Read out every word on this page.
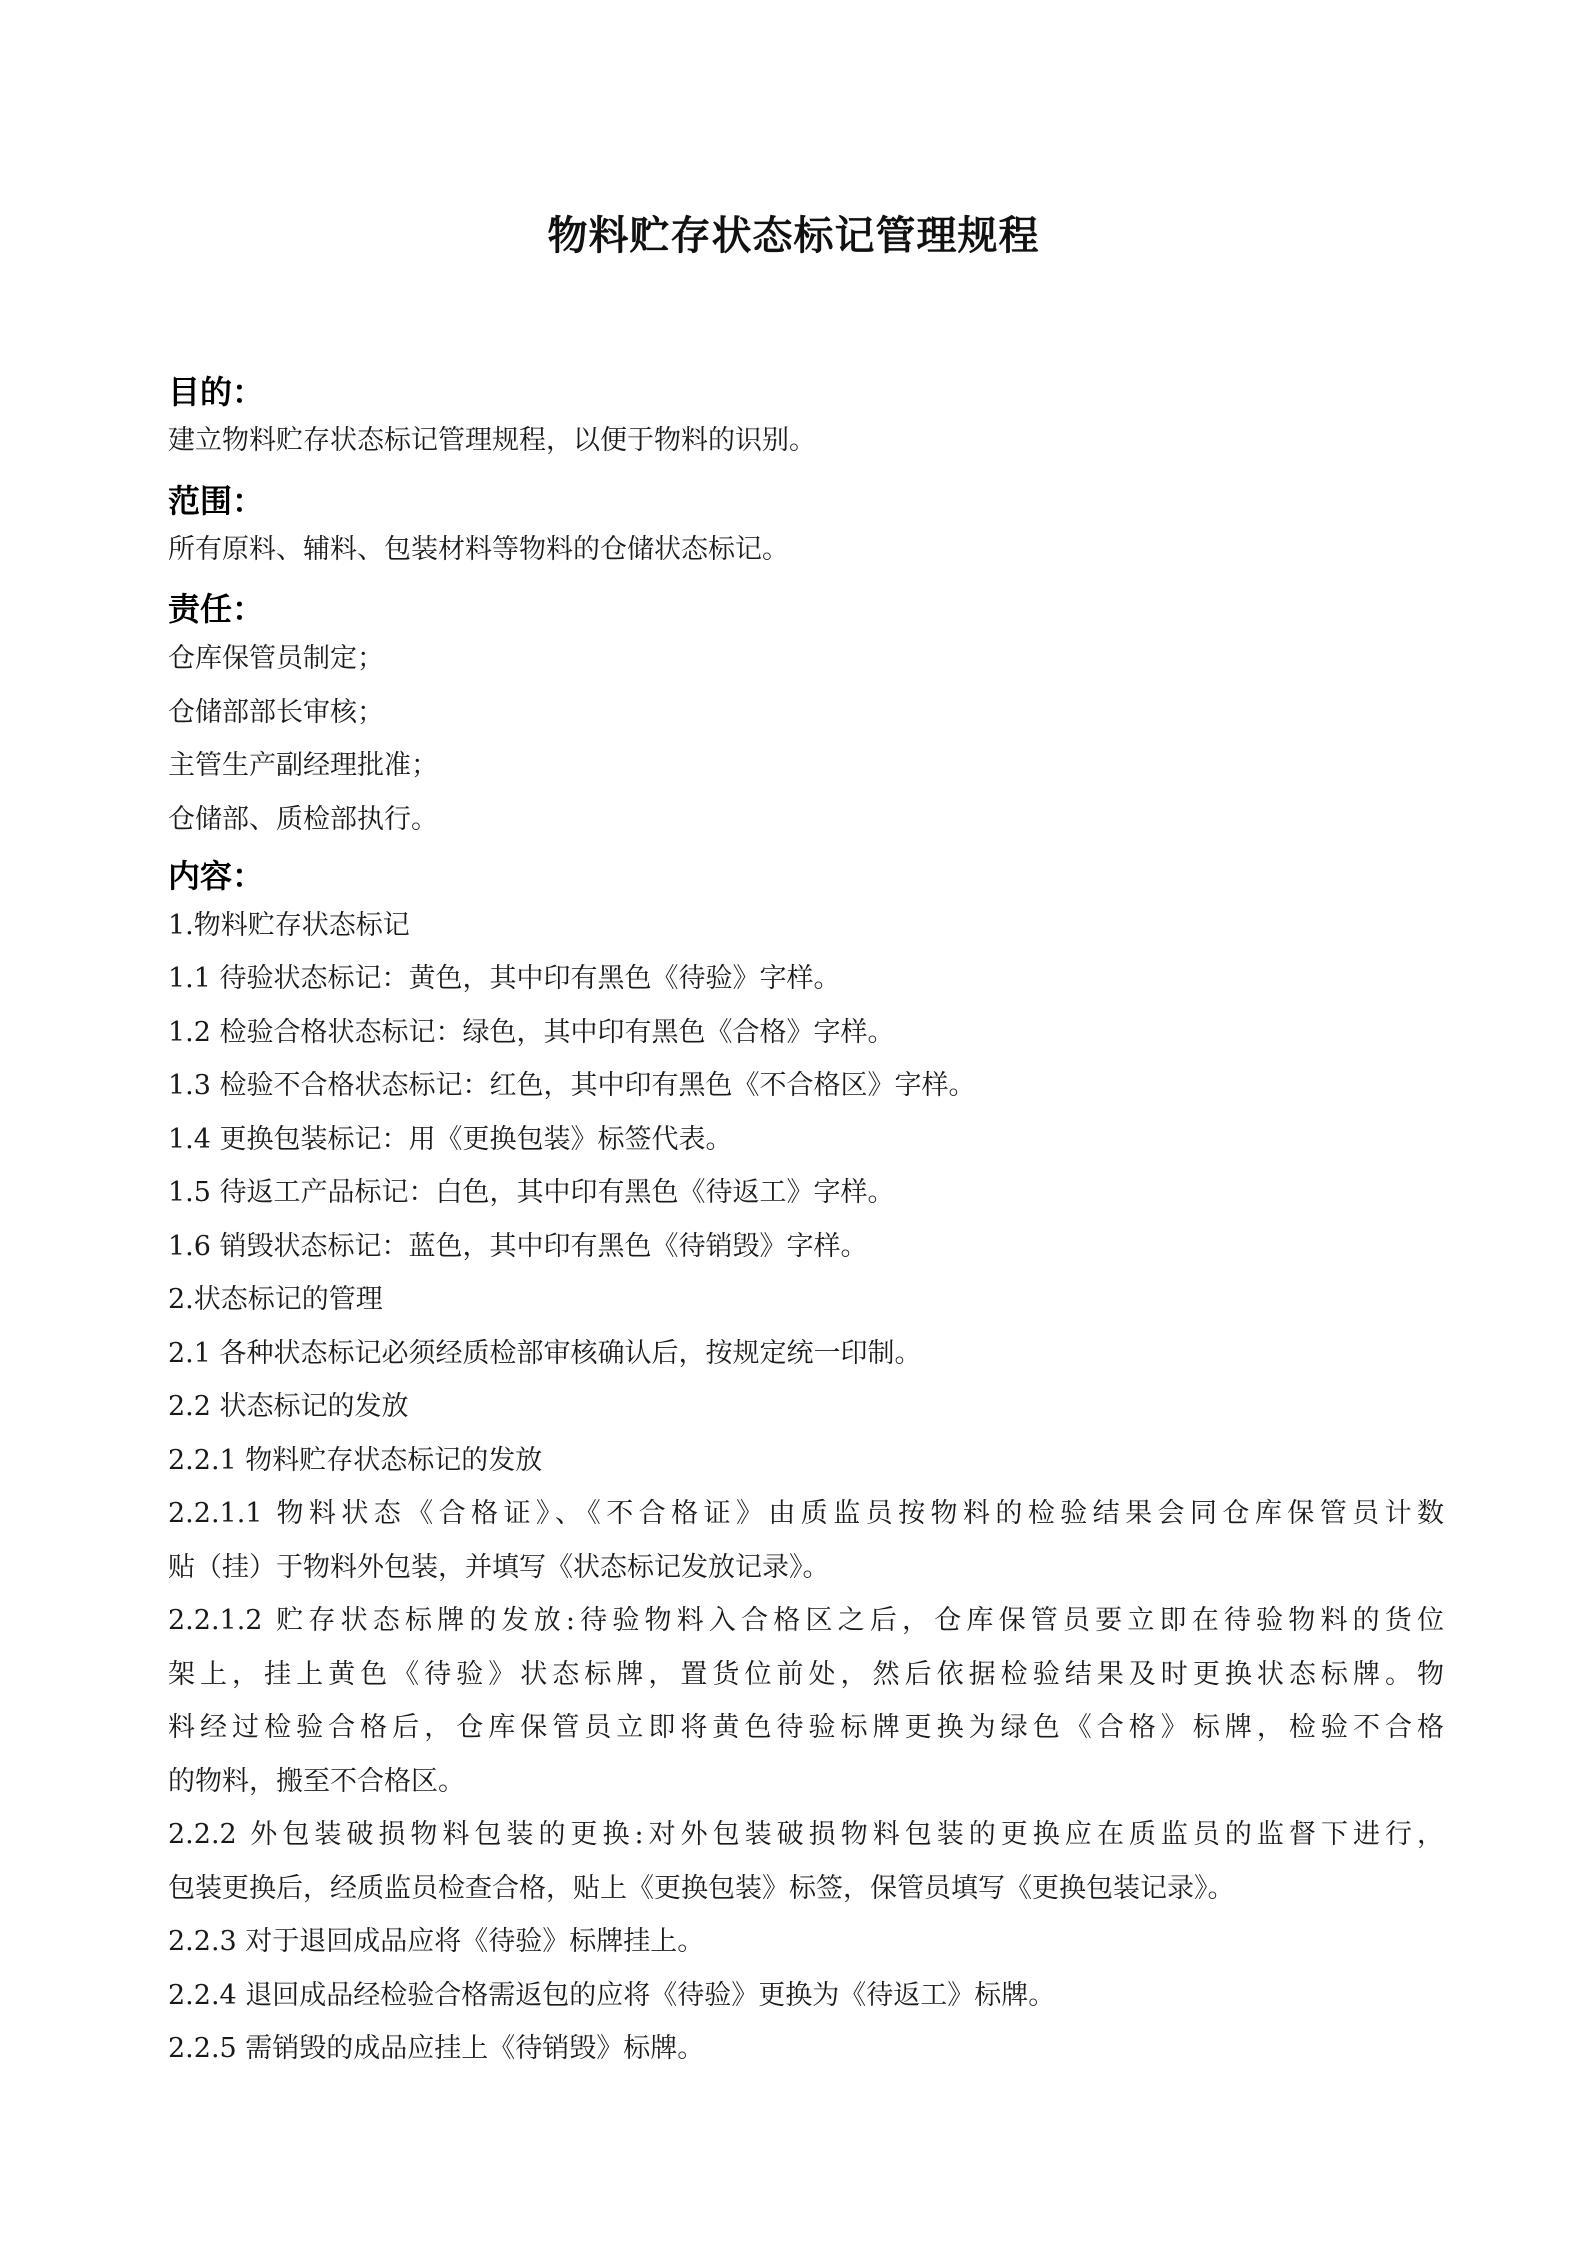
物料贮存状态标记管理规程
目的：
建立物料贮存状态标记管理规程，以便于物料的识别。
范围：
所有原料、辅料、包装材料等物料的仓储状态标记。
责任：
仓库保管员制定；
仓储部部长审核；
主管生产副经理批准；
仓储部、质检部执行。
内容：
1.物料贮存状态标记
1.1 待验状态标记：黄色，其中印有黑色《待验》字样。
1.2 检验合格状态标记：绿色，其中印有黑色《合格》字样。
1.3 检验不合格状态标记：红色，其中印有黑色《不合格区》字样。
1.4 更换包装标记：用《更换包装》标签代表。
1.5 待返工产品标记：白色，其中印有黑色《待返工》字样。
1.6 销毁状态标记：蓝色，其中印有黑色《待销毁》字样。
2.状态标记的管理
2.1 各种状态标记必须经质检部审核确认后，按规定统一印制。
2.2 状态标记的发放
2.2.1 物料贮存状态标记的发放
2.2.1.1 物料状态《合格证》、《不合格证》由质监员按物料的检验结果会同仓库保管员计数
贴（挂）于物料外包装，并填写《状态标记发放记录》。
2.2.1.2 贮存状态标牌的发放:待验物料入合格区之后，仓库保管员要立即在待验物料的货位
架上，挂上黄色《待验》状态标牌，置货位前处，然后依据检验结果及时更换状态标牌。物
料经过检验合格后，仓库保管员立即将黄色待验标牌更换为绿色《合格》标牌，检验不合格
的物料，搬至不合格区。
2.2.2 外包装破损物料包装的更换:对外包装破损物料包装的更换应在质监员的监督下进行，
包装更换后，经质监员检查合格，贴上《更换包装》标签，保管员填写《更换包装记录》。
2.2.3 对于退回成品应将《待验》标牌挂上。
2.2.4 退回成品经检验合格需返包的应将《待验》更换为《待返工》标牌。
2.2.5 需销毁的成品应挂上《待销毁》标牌。
